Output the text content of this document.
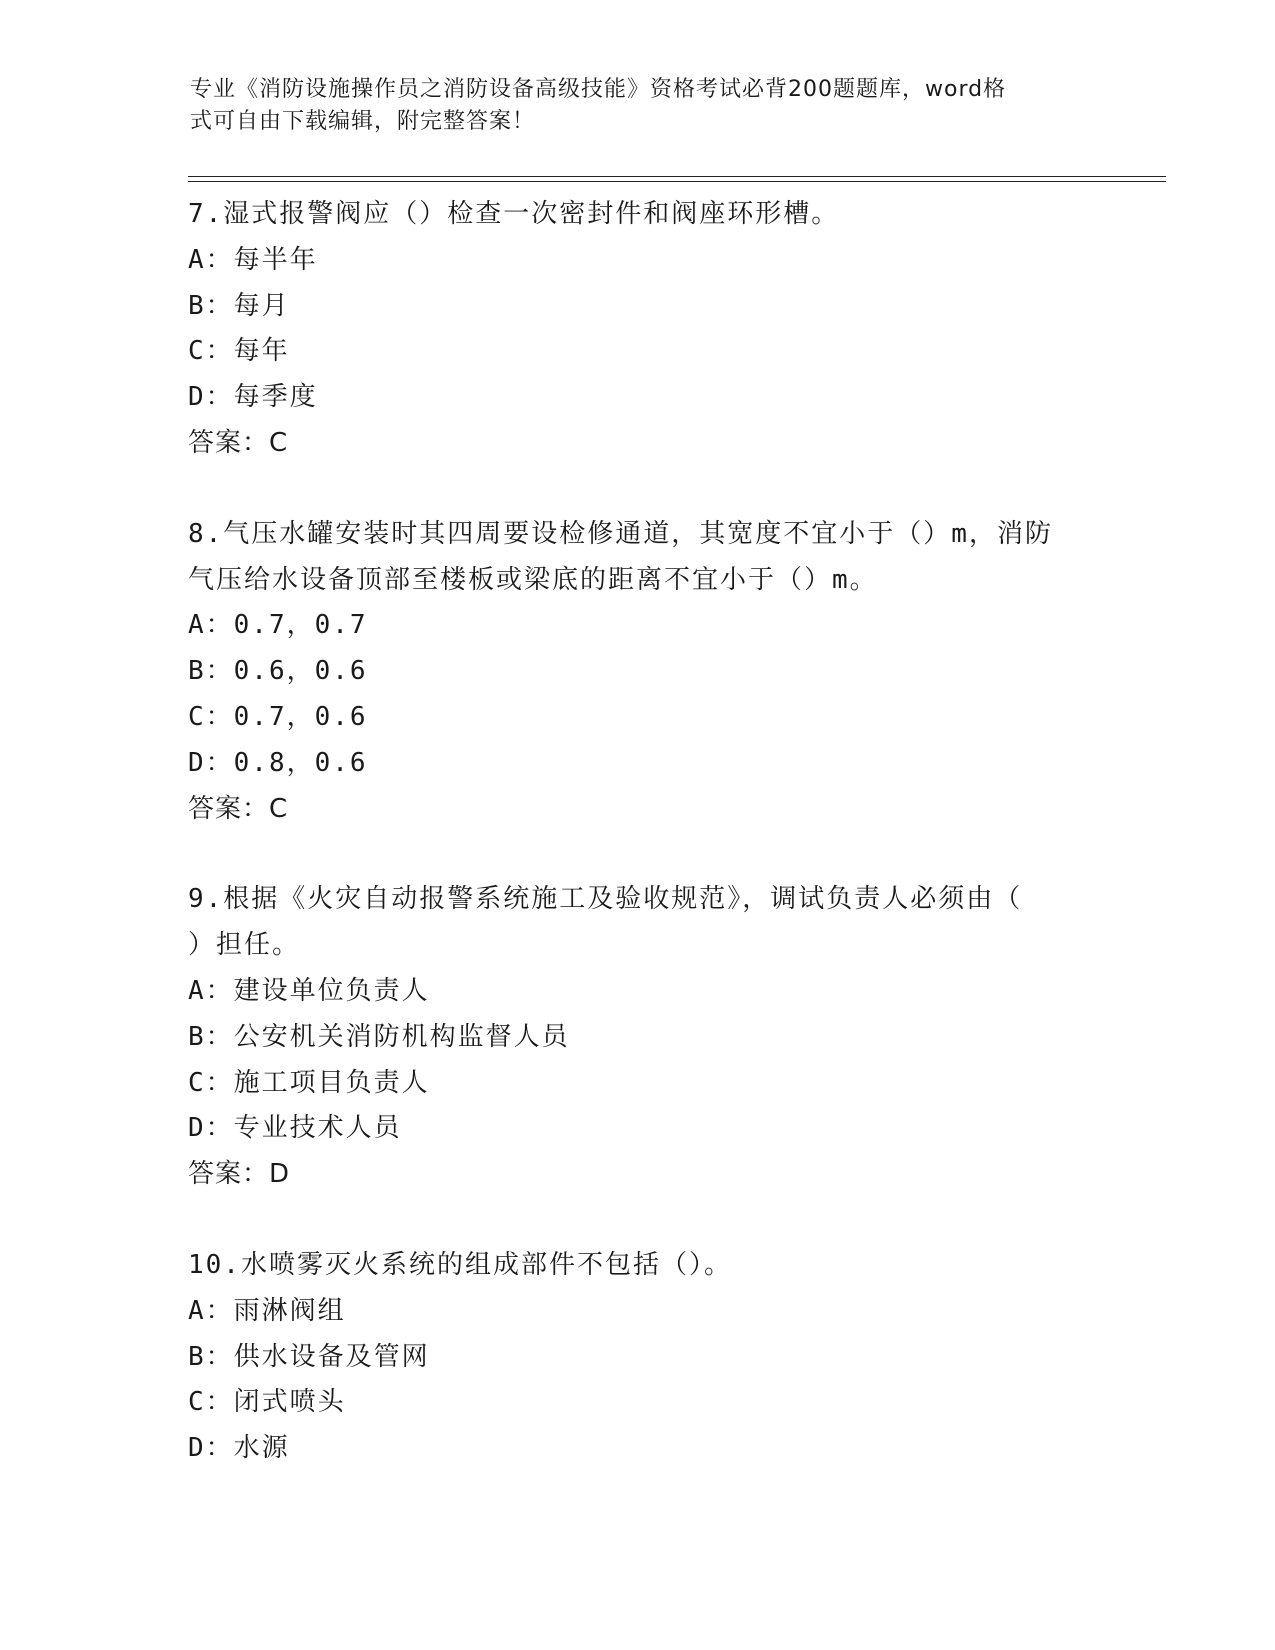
专业《消防设施操作员之消防设备高级技能》资格考试必背200题题库，word格
式可自由下载编辑，附完整答案！

7.湿式报警阀应（）检查一次密封件和阀座环形槽。

A：每半年

B：每月

C：每年

D：每季度

答案：C

8.气压水罐安装时其四周要设检修通道，其宽度不宜小于（）m，消防

气压给水设备顶部至楼板或梁底的距离不宜小于（）m。

A：0.7，0.7

B：0.6，0.6

C：0.7，0.6

D：0.8，0.6

答案：C

9.根据《火灾自动报警系统施工及验收规范》，调试负责人必须由（

）担任。

A：建设单位负责人

B：公安机关消防机构监督人员

C：施工项目负责人

D：专业技术人员

答案：D

10.水喷雾灭火系统的组成部件不包括（）。

A：雨淋阀组

B：供水设备及管网

C：闭式喷头

D：水源
